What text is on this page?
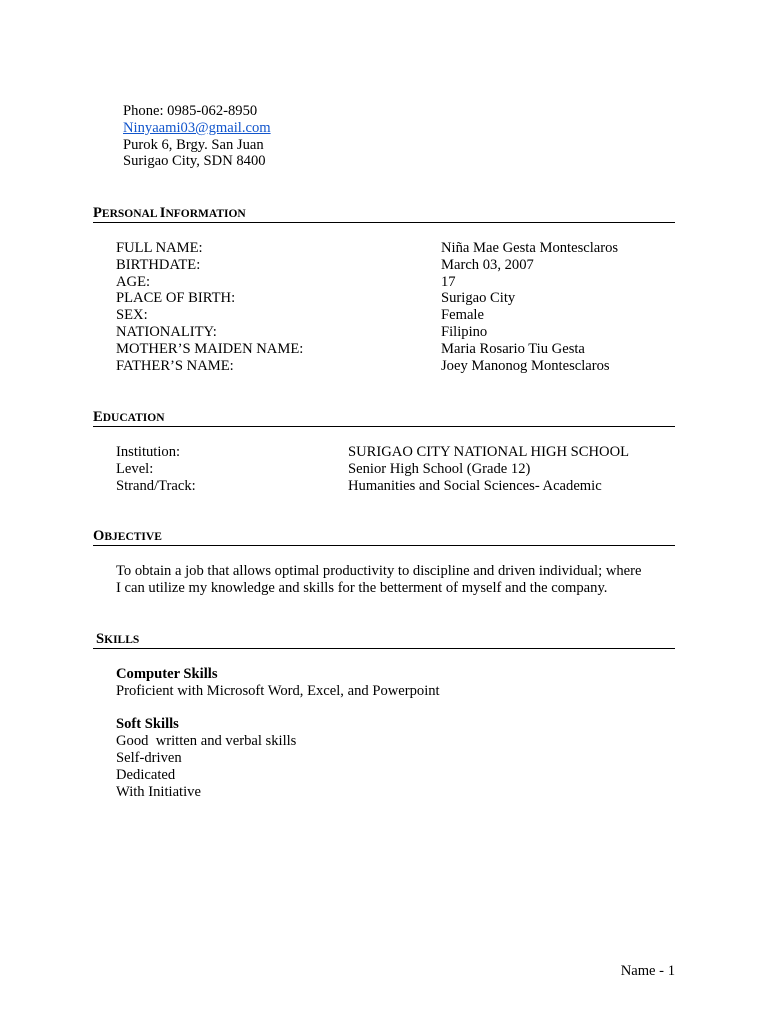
Phone: 0985-062-8950
Ninyaami03@gmail.com
Purok 6, Brgy. San Juan
Surigao City, SDN 8400
PERSONAL INFORMATION
FULL NAME:	Niña Mae Gesta Montesclaros
BIRTHDATE:	March 03, 2007
AGE:	17
PLACE OF BIRTH:	Surigao City
SEX:	Female
NATIONALITY:	Filipino
MOTHER’S MAIDEN NAME:	Maria Rosario Tiu Gesta
FATHER’S NAME:	Joey Manonog Montesclaros
EDUCATION
Institution:	SURIGAO CITY NATIONAL HIGH SCHOOL
Level:	Senior High School (Grade 12)
Strand/Track:	Humanities and Social Sciences- Academic
OBJECTIVE
To obtain a job that allows optimal productivity to discipline and driven individual; where
I can utilize my knowledge and skills for the betterment of myself and the company.
SKILLS
Computer Skills
Proficient with Microsoft Word, Excel, and Powerpoint
Soft Skills
Good  written and verbal skills
Self-driven
Dedicated
With Initiative
Name - 1
